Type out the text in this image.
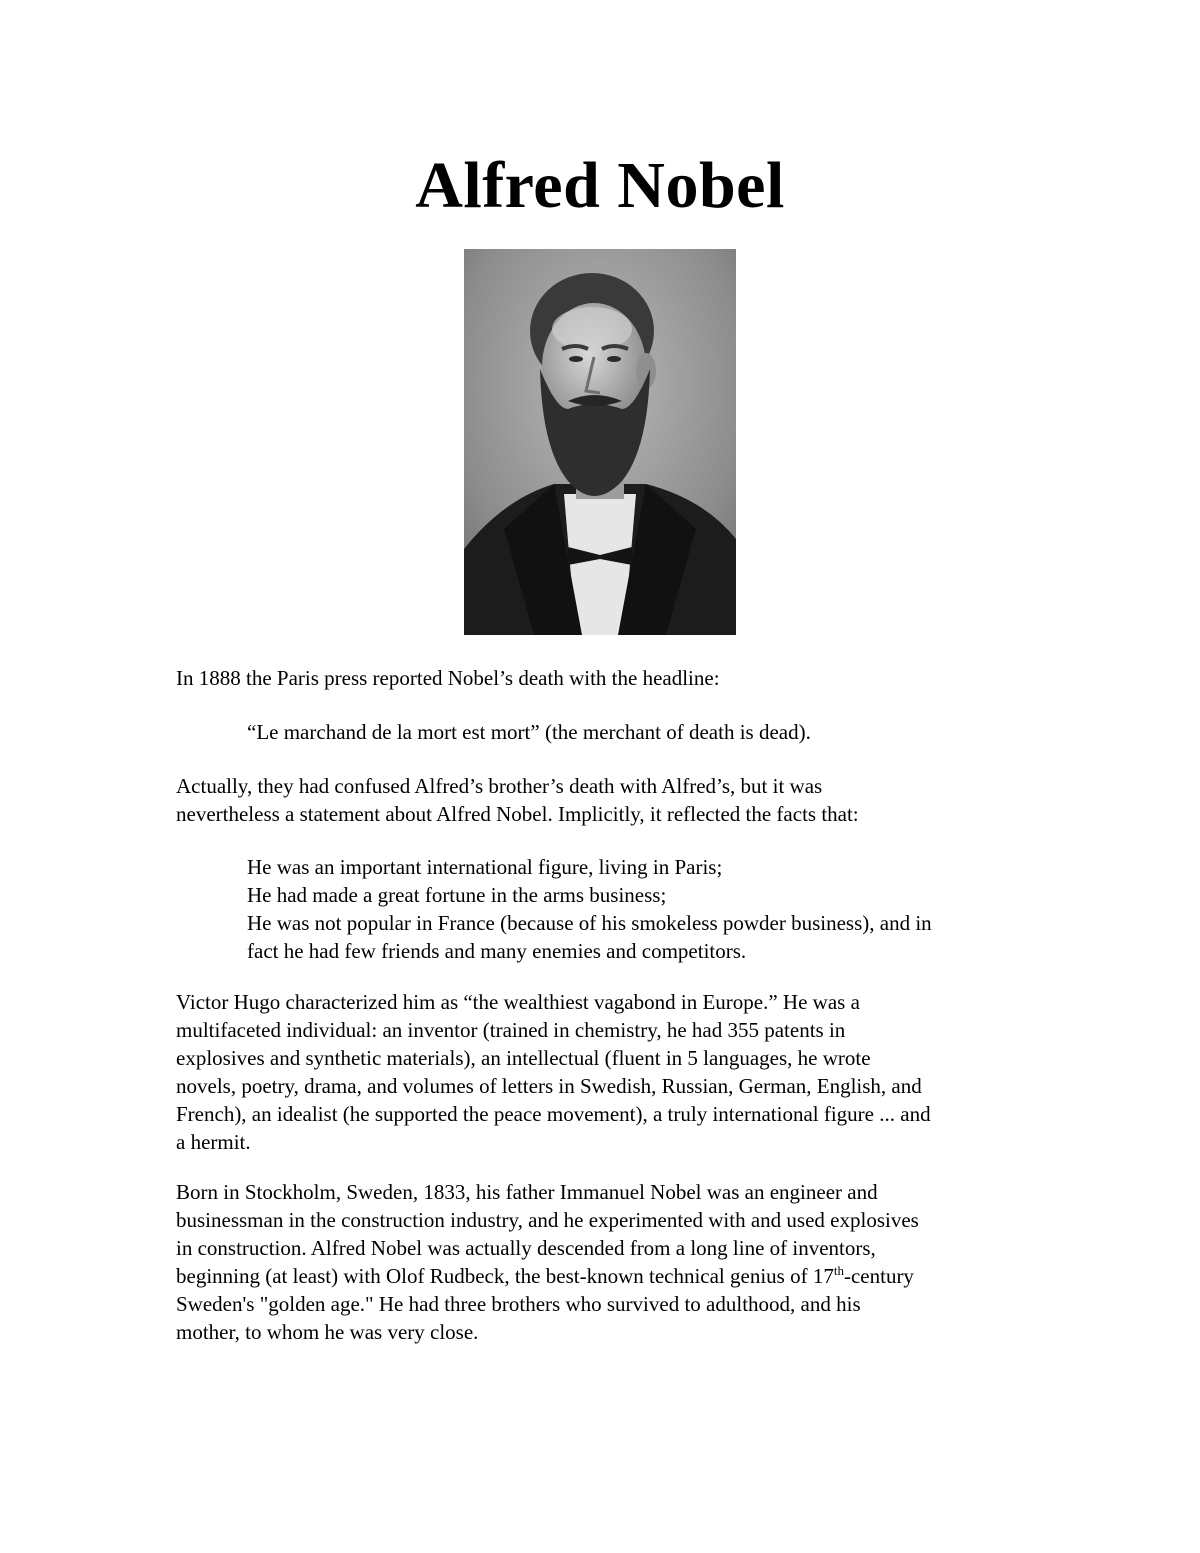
Alfred Nobel
In 1888 the Paris press reported Nobel’s death with the headline:
“Le marchand de la mort est mort” (the merchant of death is dead).
Actually, they had confused Alfred’s brother’s death with Alfred’s, but it was
nevertheless a statement about Alfred Nobel. Implicitly, it reflected the facts that:
He was an important international figure, living in Paris;
He had made a great fortune in the arms business;
He was not popular in France (because of his smokeless powder business), and in
fact he had few friends and many enemies and competitors.
Victor Hugo characterized him as “the wealthiest vagabond in Europe.” He was a
multifaceted individual: an inventor (trained in chemistry, he had 355 patents in
explosives and synthetic materials), an intellectual (fluent in 5 languages, he wrote
novels, poetry, drama, and volumes of letters in Swedish, Russian, German, English, and
French), an idealist (he supported the peace movement), a truly international figure ... and
a hermit.
Born in Stockholm, Sweden, 1833, his father Immanuel Nobel was an engineer and
businessman in the construction industry, and he experimented with and used explosives
in construction. Alfred Nobel was actually descended from a long line of inventors,
beginning (at least) with Olof Rudbeck, the best-known technical genius of 17th-century
Sweden's "golden age." He had three brothers who survived to adulthood, and his
mother, to whom he was very close.
